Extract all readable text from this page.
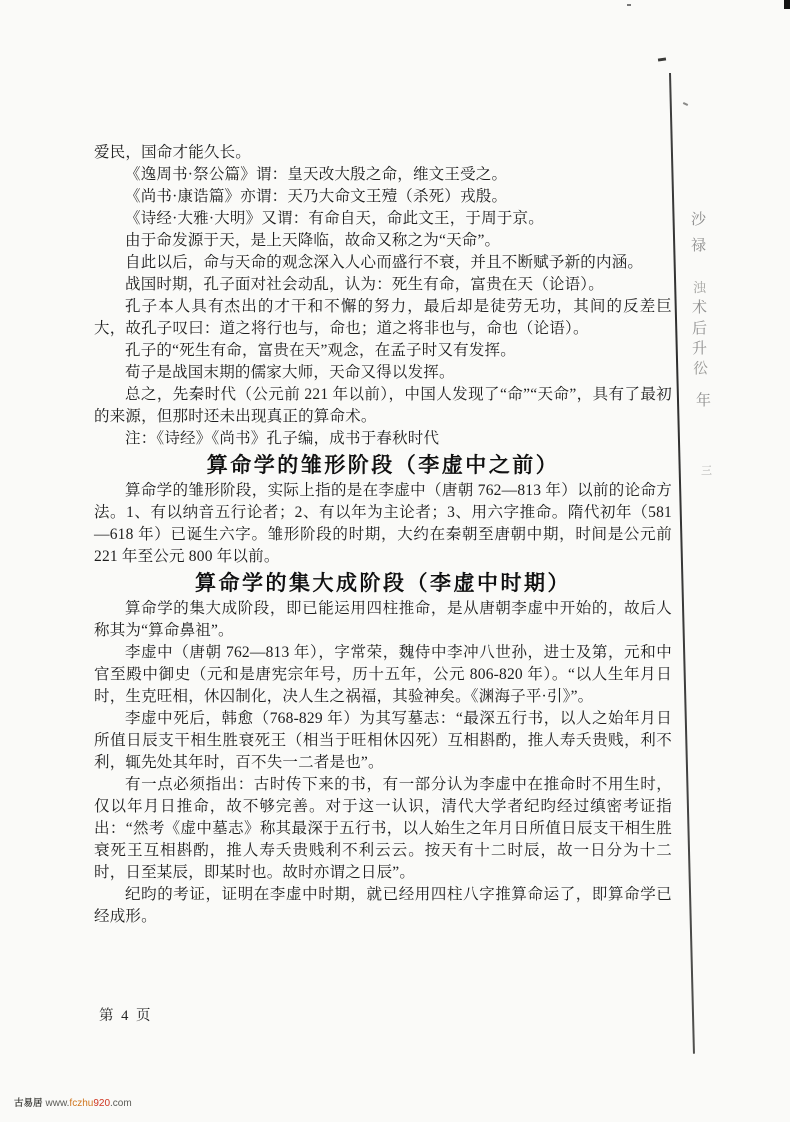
爱民，国命才能久长。

《逸周书·祭公篇》谓：皇天改大殷之命，维文王受之。

《尚书·康诰篇》亦谓：天乃大命文王殪（杀死）戎殷。

《诗经·大雅·大明》又谓：有命自天，命此文王，于周于京。

由于命发源于天，是上天降临，故命又称之为“天命”。

自此以后，命与天命的观念深入人心而盛行不衰，并且不断赋予新的内涵。

战国时期，孔子面对社会动乱，认为：死生有命，富贵在天（论语）。

孔子本人具有杰出的才干和不懈的努力，最后却是徒劳无功，其间的反差巨大，故孔子叹曰：道之将行也与，命也；道之将非也与，命也（论语）。

孔子的“死生有命，富贵在天”观念，在孟子时又有发挥。

荀子是战国末期的儒家大师，天命又得以发挥。

总之，先秦时代（公元前 221 年以前），中国人发现了“命”“天命”，具有了最初的来源，但那时还未出现真正的算命术。

注：《诗经》《尚书》孔子编，成书于春秋时代

算命学的雏形阶段（李虚中之前）

算命学的雏形阶段，实际上指的是在李虚中（唐朝 762—813 年）以前的论命方法。1、有以纳音五行论者；2、有以年为主论者；3、用六字推命。隋代初年（581—618 年）已诞生六字。雏形阶段的时期，大约在秦朝至唐朝中期，时间是公元前 221 年至公元 800 年以前。

算命学的集大成阶段（李虚中时期）

算命学的集大成阶段，即已能运用四柱推命，是从唐朝李虚中开始的，故后人称其为“算命鼻祖”。

李虚中（唐朝 762—813 年），字常荣，魏侍中李冲八世孙，进士及第，元和中官至殿中御史（元和是唐宪宗年号，历十五年，公元 806-820 年）。“以人生年月日时，生克旺相，休囚制化，决人生之祸福，其验神矣。《渊海子平·引》”。

李虚中死后，韩愈（768-829 年）为其写墓志：“最深五行书，以人之始年月日所值日辰支干相生胜衰死王（相当于旺相休囚死）互相斟酌，推人寿夭贵贱，利不利，辄先处其年时，百不失一二者是也”。

有一点必须指出：古时传下来的书，有一部分认为李虚中在推命时不用生时，仅以年月日推命，故不够完善。对于这一认识，清代大学者纪昀经过缜密考证指出：“然考《虚中墓志》称其最深于五行书，以人始生之年月日所值日辰支干相生胜衰死王互相斟酌，推人寿夭贵贱利不利云云。按天有十二时辰，故一日分为十二时，日至某辰，即某时也。故时亦谓之日辰”。

纪昀的考证，证明在李虚中时期，就已经用四柱八字推算命运了，即算命学已经成形。

沙
禄
浊
术
后
升
彸
年
三
第 4 页
古易居 www.fczhu920.com
